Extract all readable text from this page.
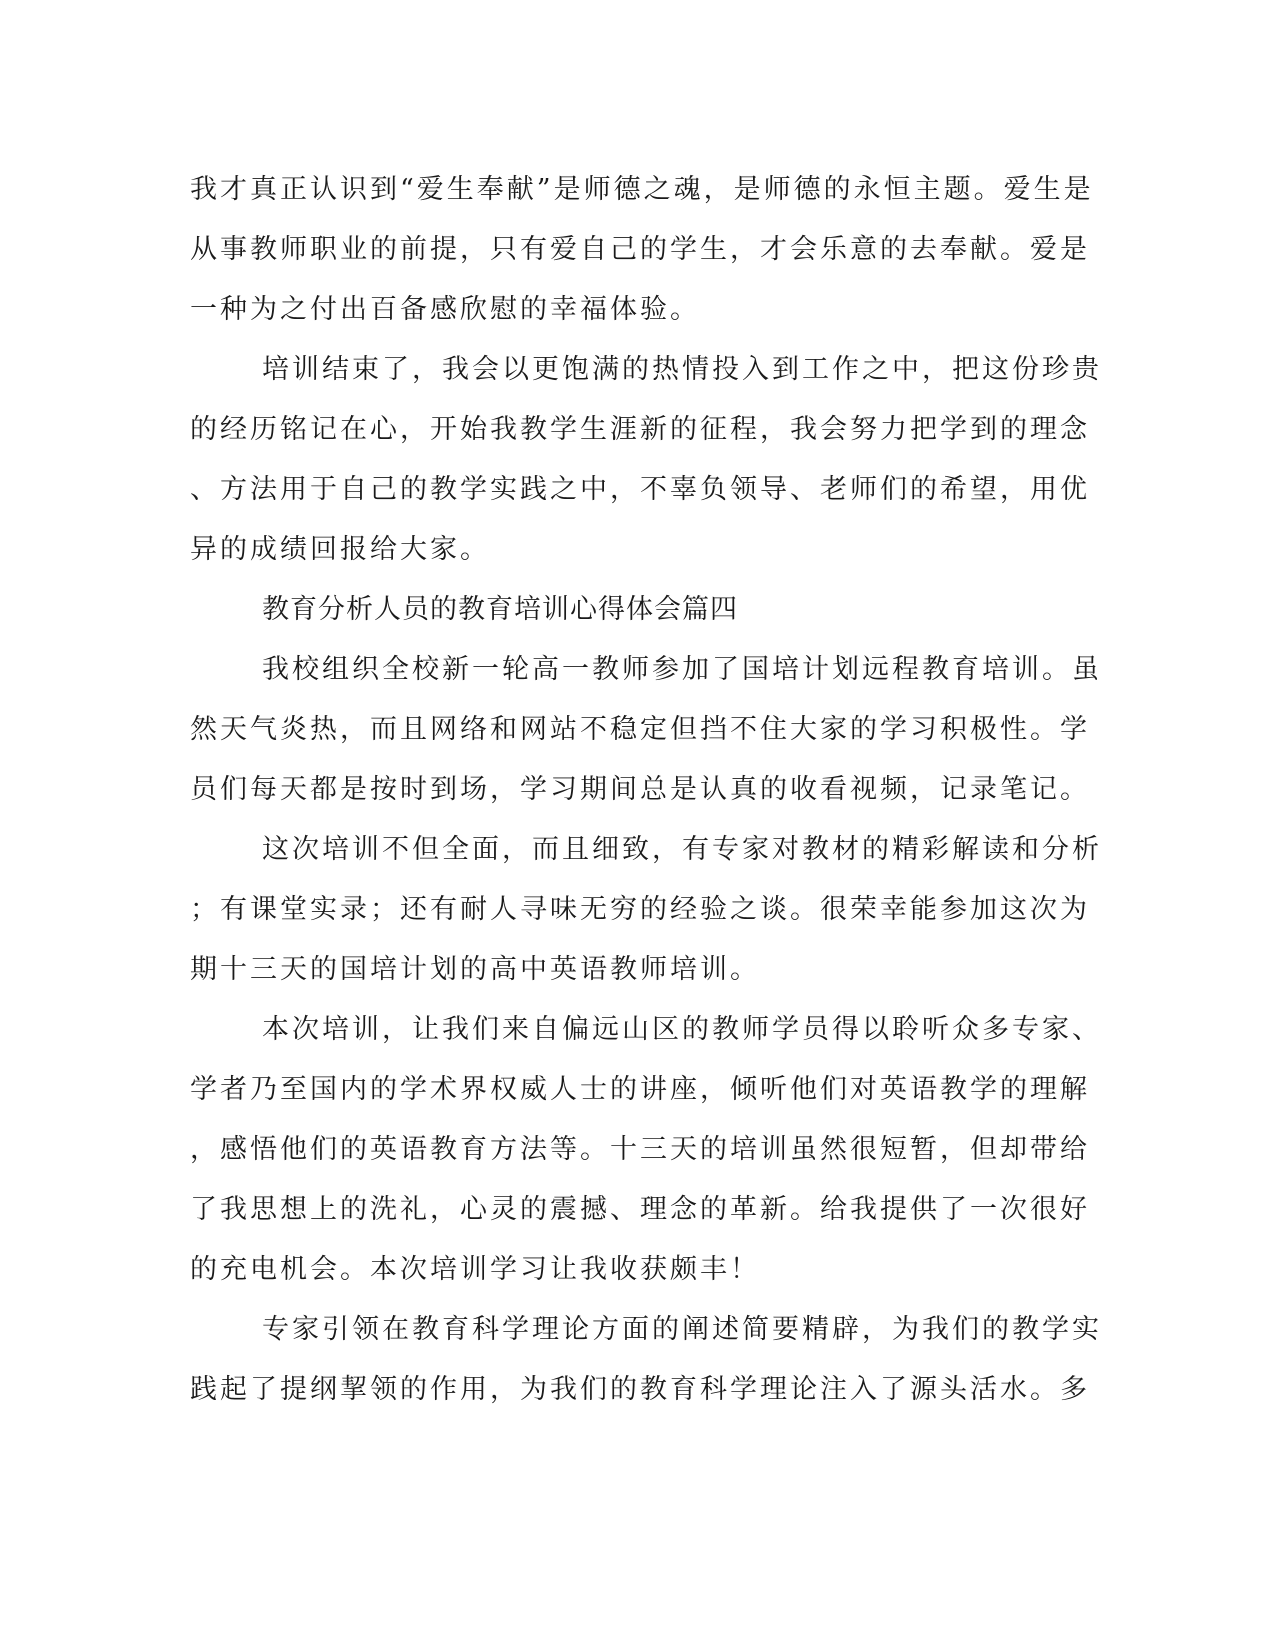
我才真正认识到“爱生奉献”是师德之魂，是师德的永恒主题。爱生是
从事教师职业的前提，只有爱自己的学生，才会乐意的去奉献。爱是
一种为之付出百备感欣慰的幸福体验。
培训结束了，我会以更饱满的热情投入到工作之中，把这份珍贵
的经历铭记在心，开始我教学生涯新的征程，我会努力把学到的理念
、方法用于自己的教学实践之中，不辜负领导、老师们的希望，用优
异的成绩回报给大家。
教育分析人员的教育培训心得体会篇四
我校组织全校新一轮高一教师参加了国培计划远程教育培训。虽
然天气炎热，而且网络和网站不稳定但挡不住大家的学习积极性。学
员们每天都是按时到场，学习期间总是认真的收看视频，记录笔记。
这次培训不但全面，而且细致，有专家对教材的精彩解读和分析
；有课堂实录；还有耐人寻味无穷的经验之谈。很荣幸能参加这次为
期十三天的国培计划的高中英语教师培训。
本次培训，让我们来自偏远山区的教师学员得以聆听众多专家、
学者乃至国内的学术界权威人士的讲座，倾听他们对英语教学的理解
，感悟他们的英语教育方法等。十三天的培训虽然很短暂，但却带给
了我思想上的洗礼，心灵的震撼、理念的革新。给我提供了一次很好
的充电机会。本次培训学习让我收获颇丰！
专家引领在教育科学理论方面的阐述简要精辟，为我们的教学实
践起了提纲挈领的作用，为我们的教育科学理论注入了源头活水。多
